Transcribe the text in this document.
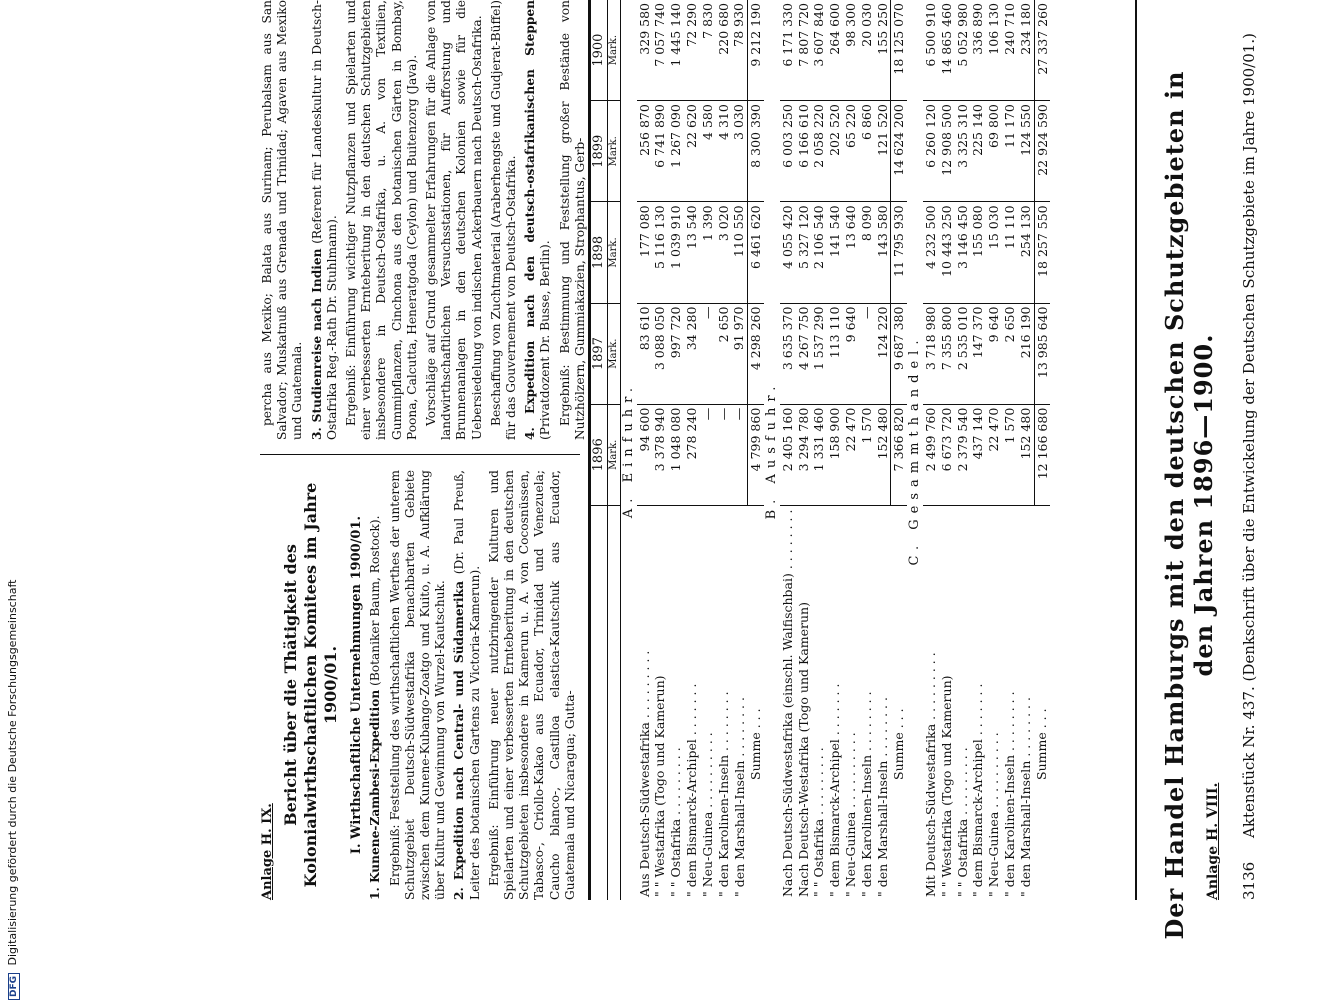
3136     Aktenstück Nr. 437. (Denkschrift über die Entwickelung der Deutschen Schutzgebiete im Jahre 1900/01.)
Anlage H. VIII.
Der Handel Hamburgs mit den deutschen Schutzgebieten in den Jahren 1896—1900.
	1896	1897	1898	1899	1900
	Mark.	Mark.	Mark.	Mark.	Mark.
A. Einfuhr.					
Aus Deutsch-Südwestafrika . . . . . . . . .	94 600	83 610	177 080	256 870	329 580
" " Westafrika (Togo und Kamerun)	3 378 940	3 088 050	5 116 130	6 741 890	7 057 740
" " Ostafrika . . . . . . . . .	1 048 080	997 720	1 039 910	1 267 090	1 445 140
" dem Bismarck-Archipel . . . . . . .	278 240	34 280	13 540	22 620	72 290
" Neu-Guinea . . . . . . . . . .	—	—	1 390	4 580	7 830
" den Karolinen-Inseln . . . . . . . .	—	2 650	3 020	4 310	220 680
" den Marshall-Inseln . . . . . . . .	—	91 970	110 550	3 030	78 930
Summe . . .	4 799 860	4 298 260	6 461 620	8 300 390	9 212 190
B. Ausfuhr.					
Nach Deutsch-Südwestafrika (einschl. Walfischbai) . . . . . . . .	2 405 160	3 635 370	4 055 420	6 003 250	6 171 330
Nach Deutsch-Westafrika (Togo und Kamerun)	3 294 780	4 267 750	5 327 120	6 166 610	7 807 720
" " Ostafrika . . . . . . . . .	1 331 460	1 537 290	2 106 540	2 058 220	3 607 840
" dem Bismarck-Archipel . . . . . . .	158 900	113 110	141 540	202 520	264 600
" Neu-Guinea . . . . . . . . . .	22 470	9 640	13 640	65 220	98 300
" den Karolinen-Inseln . . . . . . . .	1 570	—	8 090	6 860	20 030
" den Marshall-Inseln . . . . . . . .	152 480	124 220	143 580	121 520	155 250
Summe . . .	7 366 820	9 687 380	11 795 930	14 624 200	18 125 070
C. Gesammthandel.					
Mit Deutsch-Südwestafrika . . . . . . . . .	2 499 760	3 718 980	4 232 500	6 260 120	6 500 910
" " Westafrika (Togo und Kamerun)	6 673 720	7 355 800	10 443 250	12 908 500	14 865 460
" " Ostafrika . . . . . . . . .	2 379 540	2 535 010	3 146 450	3 325 310	5 052 980
" dem Bismarck-Archipel . . . . . . .	437 140	147 370	155 080	225 140	336 890
" Neu-Guinea . . . . . . . . . .	22 470	9 640	15 030	69 800	106 130
" den Karolinen-Inseln . . . . . . . .	1 570	2 650	11 110	11 170	240 710
" den Marshall-Inseln . . . . . . . .	152 480	216 190	254 130	124 550	234 180
Summe . . .	12 166 680	13 985 640	18 257 550	22 924 590	27 337 260
Anlage H. IX.
Bericht über die Thätigkeit des Kolonialwirthschaftlichen Komitees im Jahre 1900/01. I. Wirthschaftliche Unternehmungen 1900/01. 1. Kunene-Zambesi-Expedition (Botaniker Baum, Rostock). Ergebniß: Feststellung des wirthschaftlichen Werthes der unterem Schutzgebiet Deutsch-Südwestafrika benachbarten Gebiete zwischen dem Kunene-Kubango-Zoatgo und Kuito, u. A. Aufklärung über Kultur und Gewinnung von Wurzel-Kautschuk. 2. Expedition nach Central- und Südamerika (Dr. Paul Preuß, Leiter des botanischen Gartens zu Victoria-Kamerun). Ergebniß: Einführung neuer nutzbringender Kulturen und Spielarten und einer verbesserten Ernteberitung in den deutschen Schutzgebieten insbesondere in Kamerun u. A. von Cocosnüssen, Tabasco-, Criollo-Kakao aus Ecuador, Trinidad und Venezuela; Caucho blanco-, Castilloa elastica-Kautschuk aus Ecuador, Guatemala und Nicaragua; Gutta-

percha aus Mexiko; Balata aus Surinam; Perubalsam aus San Salvador; Muskatnuß aus Grenada und Trinidad; Agaven aus Mexiko und Guatemala. 3. Studienreise nach Indien (Referent für Landeskultur in Deutsch-Ostafrika Reg.-Rath Dr. Stuhlmann). Ergebniß: Einführung wichtiger Nutzpflanzen und Spielarten und einer verbesserten Ernteberitung in den deutschen Schutzgebieten insbesondere in Deutsch-Ostafrika, u. A. von Textilien, Gummipflanzen, Cinchona aus den botanischen Gärten in Bombay, Poona, Calcutta, Heneratgoda (Ceylon) und Buitenzorg (Java). Vorschläge auf Grund gesammelter Erfahrungen für die Anlage von landwirthschaftlichen Versuchsstationen, für Aufforstung und Brunnenanlagen in den deutschen Kolonien sowie für die Uebersiedelung von indischen Ackerbauern nach Deutsch-Ostafrika. Beschaffung von Zuchtmaterial (Araberhengste und Gudjerat-Büffel) für das Gouvernement von Deutsch-Ostafrika. 4. Expedition nach den deutsch-ostafrikanischen Steppen (Privatdozent Dr. Busse, Berlin). Ergebniß: Bestimmung und Feststellung großer Bestände von Nutzhölzern, Gummiakazien, Strophantus, Gerb-

DFG Digitalisierung gefördert durch die Deutsche Forschungsgemeinschaft
